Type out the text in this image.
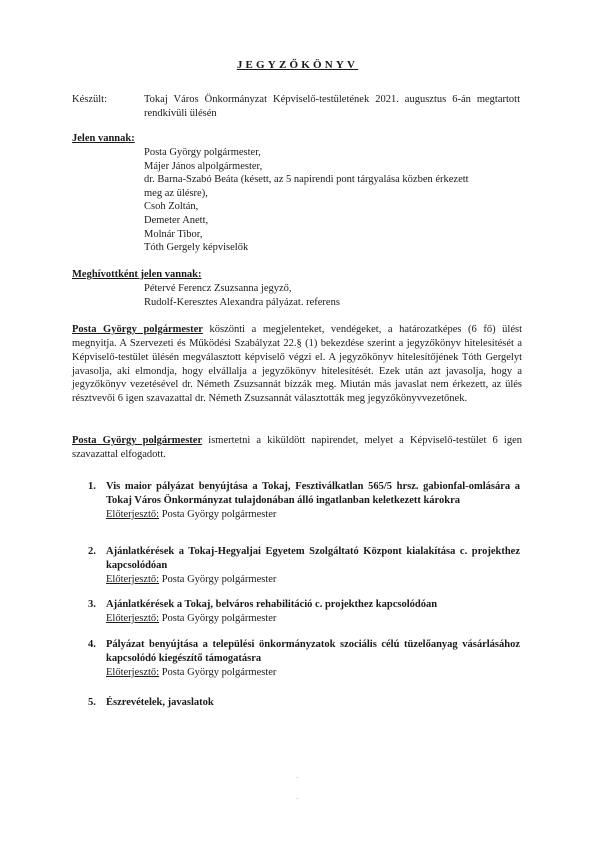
JEGYZŐKÖNYV
Készült:	Tokaj Város Önkormányzat Képviselő-testületének 2021. augusztus 6-án megtartott rendkívüli ülésén
Jelen vannak:
Posta György polgármester,
Májer János alpolgármester,
dr. Barna-Szabó Beáta (késett, az 5 napirendi pont tárgyalása közben érkezett
meg az ülésre),
Csoh Zoltán,
Demeter Anett,
Molnár Tibor,
Tóth Gergely képviselők
Meghívottként jelen vannak:
Pétervé Ferencz Zsuzsanna jegyző,
Rudolf-Keresztes Alexandra pályázat. referens
Posta György polgármester köszönti a megjelenteket, vendégeket, a határozatképes (6 fő) ülést megnyitja. A Szervezeti és Működési Szabályzat 22.§ (1) bekezdése szerint a jegyzőkönyv hitelesítését a Képviselő-testület ülésén megválasztott képviselő végzi el. A jegyzőkönyv hitelesítőjének Tóth Gergelyt javasolja, aki elmondja, hogy elvállalja a jegyzőkönyv hitelesítését. Ezek után azt javasolja, hogy a jegyzőkönyv vezetésével dr. Németh Zsuzsannát bízzák meg. Miután más javaslat nem érkezett, az ülés résztvevői 6 igen szavazattal dr. Németh Zsuzsannát választották meg jegyzőkönyvvezetőnek.
Posta György polgármester ismertetni a kiküldött napirendet, melyet a Képviselő-testület 6 igen szavazattal elfogadott.
1. Vis maior pályázat benyújtása a Tokaj, Fesztiválkatlan 565/5 hrsz. gabionfal-omlására a Tokaj Város Önkormányzat tulajdonában álló ingatlanban keletkezett károkra
Előterjesztő: Posta György polgármester
2. Ajánlatkérések a Tokaj-Hegyaljai Egyetem Szolgáltató Központ kialakítása c. projekthez kapcsolódóan
Előterjesztő: Posta György polgármester
3. Ajánlatkérések a Tokaj, belváros rehabilitáció c. projekthez kapcsolódóan
Előterjesztő: Posta György polgármester
4. Pályázat benyújtása a települési önkormányzatok szociális célú tüzelőanyag vásárlásához kapcsolódó kiegészítő támogatásra
Előterjesztő: Posta György polgármester
5. Észrevételek, javaslatok
·
·
